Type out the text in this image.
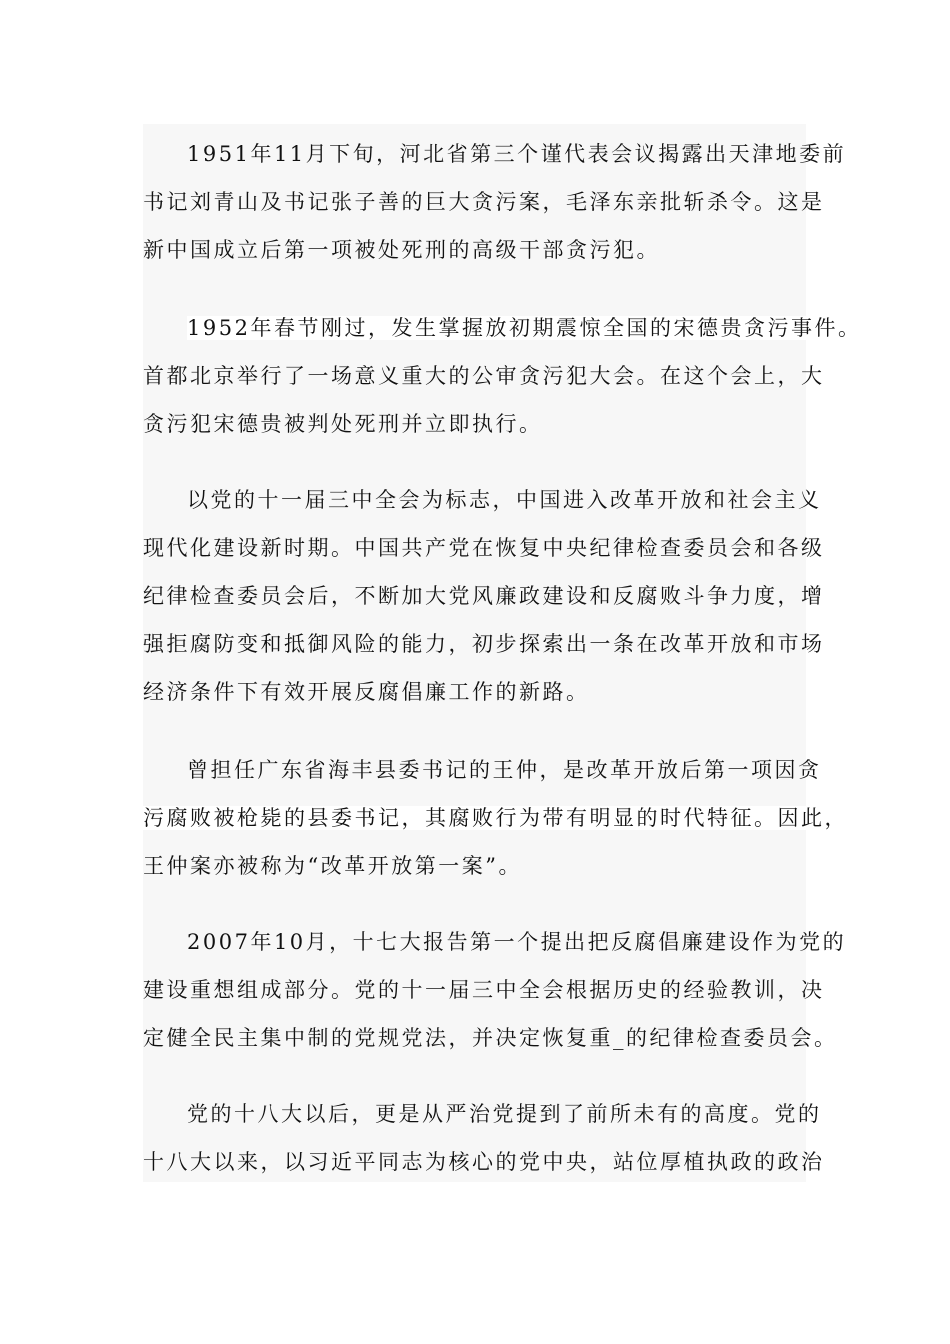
1951年11月下旬，河北省第三个谨代表会议揭露出天津地委前
书记刘青山及书记张子善的巨大贪污案，毛泽东亲批斩杀令。这是
新中国成立后第一项被处死刑的高级干部贪污犯。

1952年春节刚过，发生掌握放初期震惊全国的宋德贵贪污事件。
首都北京举行了一场意义重大的公审贪污犯大会。在这个会上，大
贪污犯宋德贵被判处死刑并立即执行。

以党的十一届三中全会为标志，中国进入改革开放和社会主义
现代化建设新时期。中国共产党在恢复中央纪律检查委员会和各级
纪律检查委员会后，不断加大党风廉政建设和反腐败斗争力度，增
强拒腐防变和抵御风险的能力，初步探索出一条在改革开放和市场
经济条件下有效开展反腐倡廉工作的新路。

曾担任广东省海丰县委书记的王仲，是改革开放后第一项因贪
污腐败被枪毙的县委书记，其腐败行为带有明显的时代特征。因此，
王仲案亦被称为“改革开放第一案”。

2007年10月，十七大报告第一个提出把反腐倡廉建设作为党的
建设重想组成部分。党的十一届三中全会根据历史的经验教训，决
定健全民主集中制的党规党法，并决定恢复重_的纪律检查委员会。

党的十八大以后，更是从严治党提到了前所未有的高度。党的
十八大以来，以习近平同志为核心的党中央，站位厚植执政的政治
